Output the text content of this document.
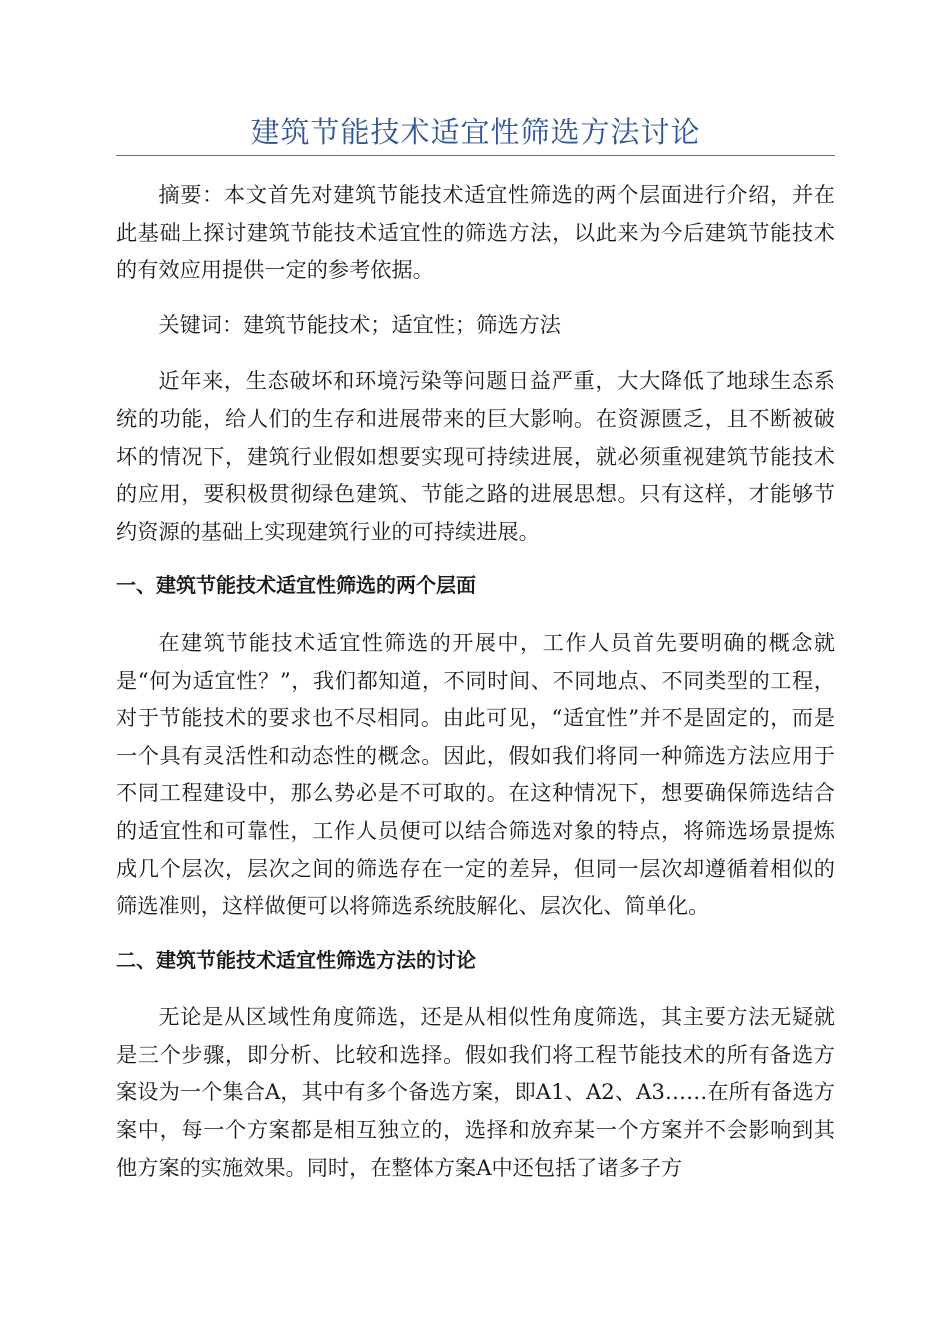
建筑节能技术适宜性筛选方法讨论

摘要：本文首先对建筑节能技术适宜性筛选的两个层面进行介绍，并在此基础上探讨建筑节能技术适宜性的筛选方法，以此来为今后建筑节能技术的有效应用提供一定的参考依据。

关键词：建筑节能技术；适宜性；筛选方法

近年来，生态破坏和环境污染等问题日益严重，大大降低了地球生态系统的功能，给人们的生存和进展带来的巨大影响。在资源匮乏，且不断被破坏的情况下，建筑行业假如想要实现可持续进展，就必须重视建筑节能技术的应用，要积极贯彻绿色建筑、节能之路的进展思想。只有这样，才能够节约资源的基础上实现建筑行业的可持续进展。

一、建筑节能技术适宜性筛选的两个层面

在建筑节能技术适宜性筛选的开展中，工作人员首先要明确的概念就是“何为适宜性？”，我们都知道，不同时间、不同地点、不同类型的工程，对于节能技术的要求也不尽相同。由此可见，“适宜性”并不是固定的，而是一个具有灵活性和动态性的概念。因此，假如我们将同一种筛选方法应用于不同工程建设中，那么势必是不可取的。在这种情况下，想要确保筛选结合的适宜性和可靠性，工作人员便可以结合筛选对象的特点，将筛选场景提炼成几个层次，层次之间的筛选存在一定的差异，但同一层次却遵循着相似的筛选准则，这样做便可以将筛选系统肢解化、层次化、简单化。

二、建筑节能技术适宜性筛选方法的讨论

无论是从区域性角度筛选，还是从相似性角度筛选，其主要方法无疑就是三个步骤，即分析、比较和选择。假如我们将工程节能技术的所有备选方案设为一个集合A，其中有多个备选方案，即A1、A2、A3……在所有备选方案中，每一个方案都是相互独立的，选择和放弃某一个方案并不会影响到其他方案的实施效果。同时，在整体方案A中还包括了诸多子方
